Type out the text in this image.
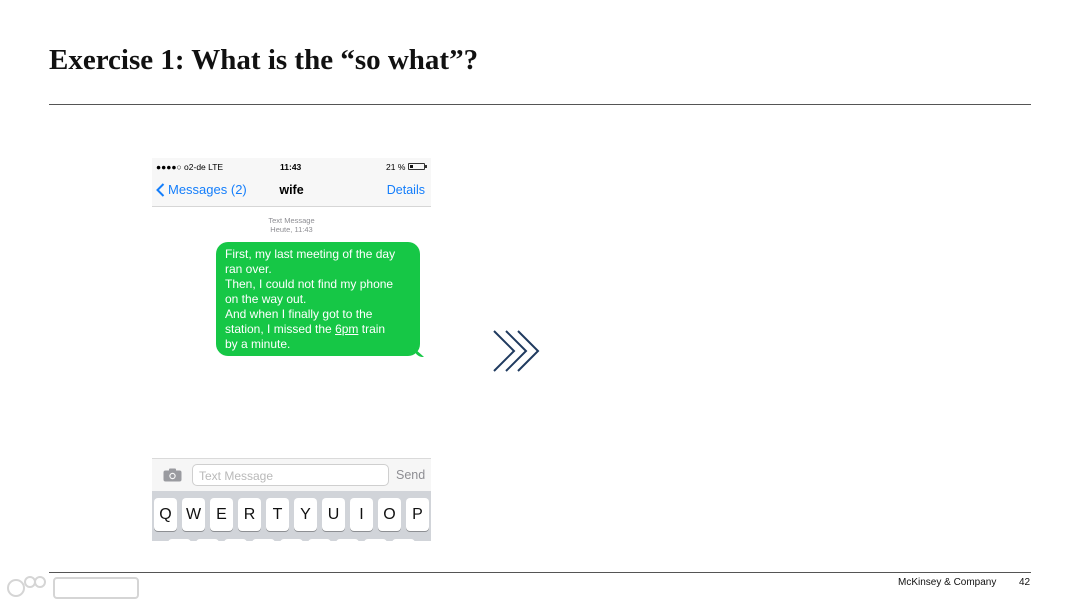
Exercise 1: What is the “so what”?
●●●●○ o2-de LTE	11:43	21 %
Messages (2)	wife	Details
Text Message
Heute, 11:43
First, my last meeting of the day
ran over.
Then, I could not find my phone
on the way out.
And when I finally got to the
station, I missed the 6pm train
by a minute.
Text Message	Send
Q W E	R	T	Y	U	I	O	P
McKinsey & Company 42
